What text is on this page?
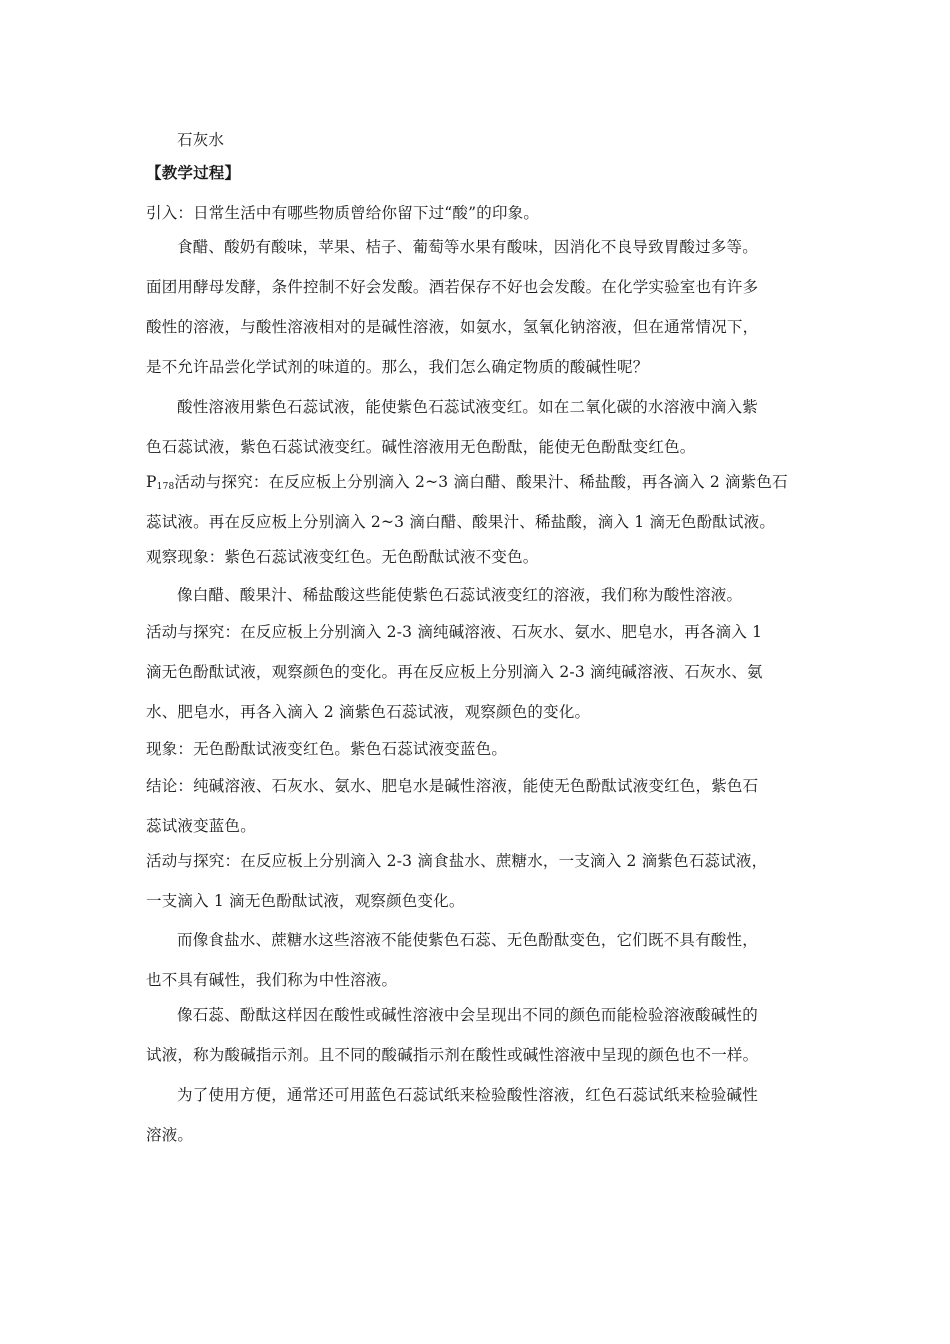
石灰水
【教学过程】
引入：日常生活中有哪些物质曾给你留下过“酸”的印象。
食醋、酸奶有酸味，苹果、桔子、葡萄等水果有酸味，因消化不良导致胃酸过多等。
面团用酵母发酵，条件控制不好会发酸。酒若保存不好也会发酸。在化学实验室也有许多
酸性的溶液，与酸性溶液相对的是碱性溶液，如氨水，氢氧化钠溶液，但在通常情况下，
是不允许品尝化学试剂的味道的。那么，我们怎么确定物质的酸碱性呢？
酸性溶液用紫色石蕊试液，能使紫色石蕊试液变红。如在二氧化碳的水溶液中滴入紫
色石蕊试液，紫色石蕊试液变红。碱性溶液用无色酚酞，能使无色酚酞变红色。
$P_{178}$活动与探究：在反应板上分别滴入 2~3 滴白醋、酸果汁、稀盐酸，再各滴入 2 滴紫色石
蕊试液。再在反应板上分别滴入 2~3 滴白醋、酸果汁、稀盐酸，滴入 1 滴无色酚酞试液。
观察现象：紫色石蕊试液变红色。无色酚酞试液不变色。
像白醋、酸果汁、稀盐酸这些能使紫色石蕊试液变红的溶液，我们称为酸性溶液。
活动与探究：在反应板上分别滴入 2-3 滴纯碱溶液、石灰水、氨水、肥皂水，再各滴入 1
滴无色酚酞试液，观察颜色的变化。再在反应板上分别滴入 2-3 滴纯碱溶液、石灰水、氨
水、肥皂水，再各入滴入 2 滴紫色石蕊试液，观察颜色的变化。
现象：无色酚酞试液变红色。紫色石蕊试液变蓝色。
结论：纯碱溶液、石灰水、氨水、肥皂水是碱性溶液，能使无色酚酞试液变红色，紫色石
蕊试液变蓝色。
活动与探究：在反应板上分别滴入 2-3 滴食盐水、蔗糖水，一支滴入 2 滴紫色石蕊试液，
一支滴入 1 滴无色酚酞试液，观察颜色变化。
而像食盐水、蔗糖水这些溶液不能使紫色石蕊、无色酚酞变色，它们既不具有酸性，
也不具有碱性，我们称为中性溶液。
像石蕊、酚酞这样因在酸性或碱性溶液中会呈现出不同的颜色而能检验溶液酸碱性的
试液，称为酸碱指示剂。且不同的酸碱指示剂在酸性或碱性溶液中呈现的颜色也不一样。
为了使用方便，通常还可用蓝色石蕊试纸来检验酸性溶液，红色石蕊试纸来检验碱性
溶液。
